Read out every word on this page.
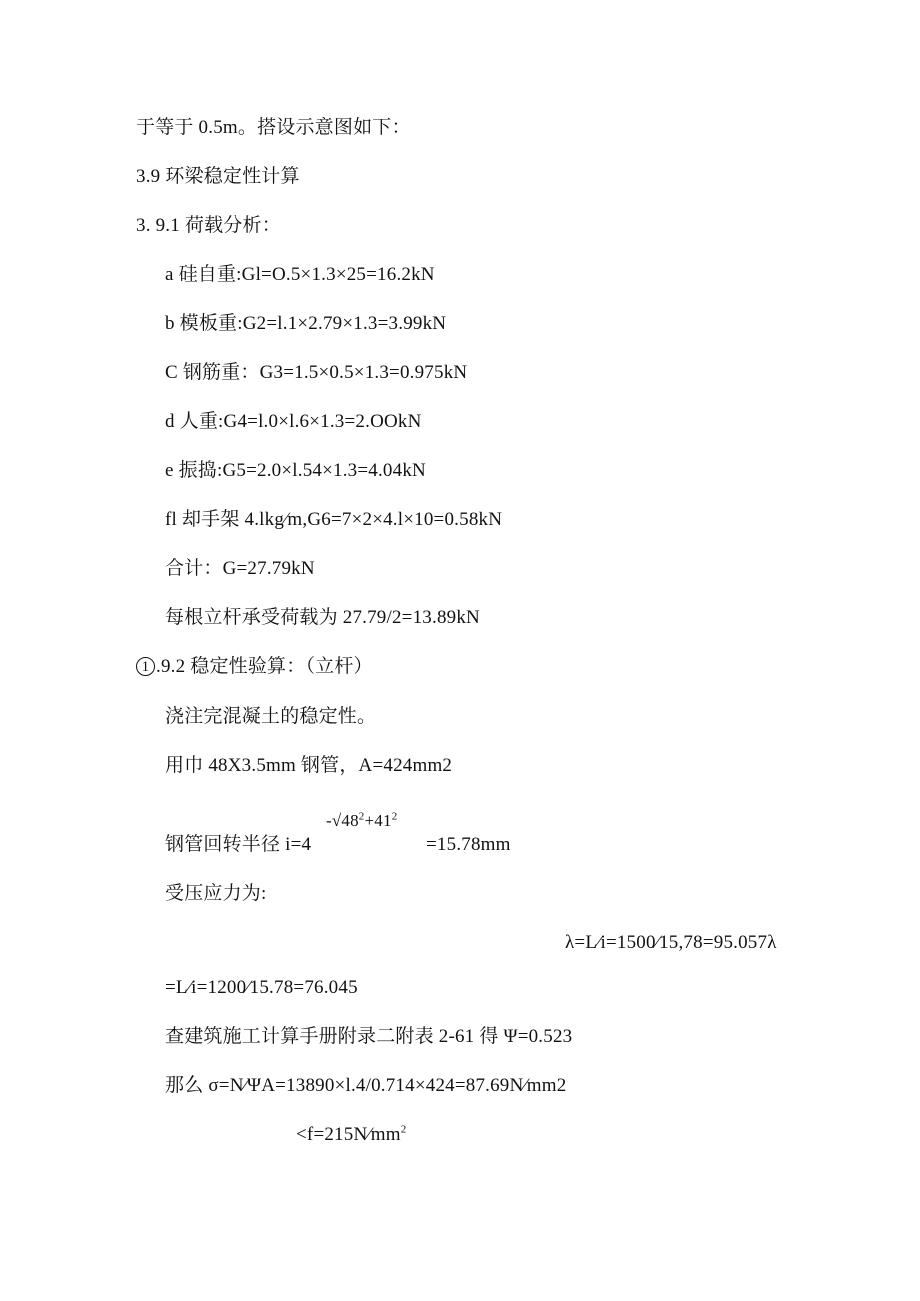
于等于 0.5m。搭设示意图如下：
3.9 环梁稳定性计算
3. 9.1 荷载分析：
a 硅自重:Gl=O.5×1.3×25=16.2kN
b 模板重:G2=l.1×2.79×1.3=3.99kN
C 钢筋重：G3=1.5×0.5×1.3=0.975kN
d 人重:G4=l.0×l.6×1.3=2.OOkN
e 振捣:G5=2.0×l.54×1.3=4.04kN
fl 却手架 4.lkg∕m,G6=7×2×4.l×10=0.58kN
合计：G=27.79kN
每根立杆承受荷载为 27.79/2=13.89kN
1 .9.2 稳定性验算：（立杆）
浇注完混凝土的稳定性。
用巾 48X3.5mm 钢管，A=424mm2
$-√48^2+41^2$
钢管回转半径 i=4	=15.78mm
受压应力为:
λ=L∕i=1500∕15,78=95.057λ
=L∕i=1200∕15.78=76.045
查建筑施工计算手册附录二附表 2-61 得 Ψ=0.523
那么 σ=N∕ΨA=13890×l.4/0.714×424=87.69N∕mm2
$<f=215N∕mm^2$
